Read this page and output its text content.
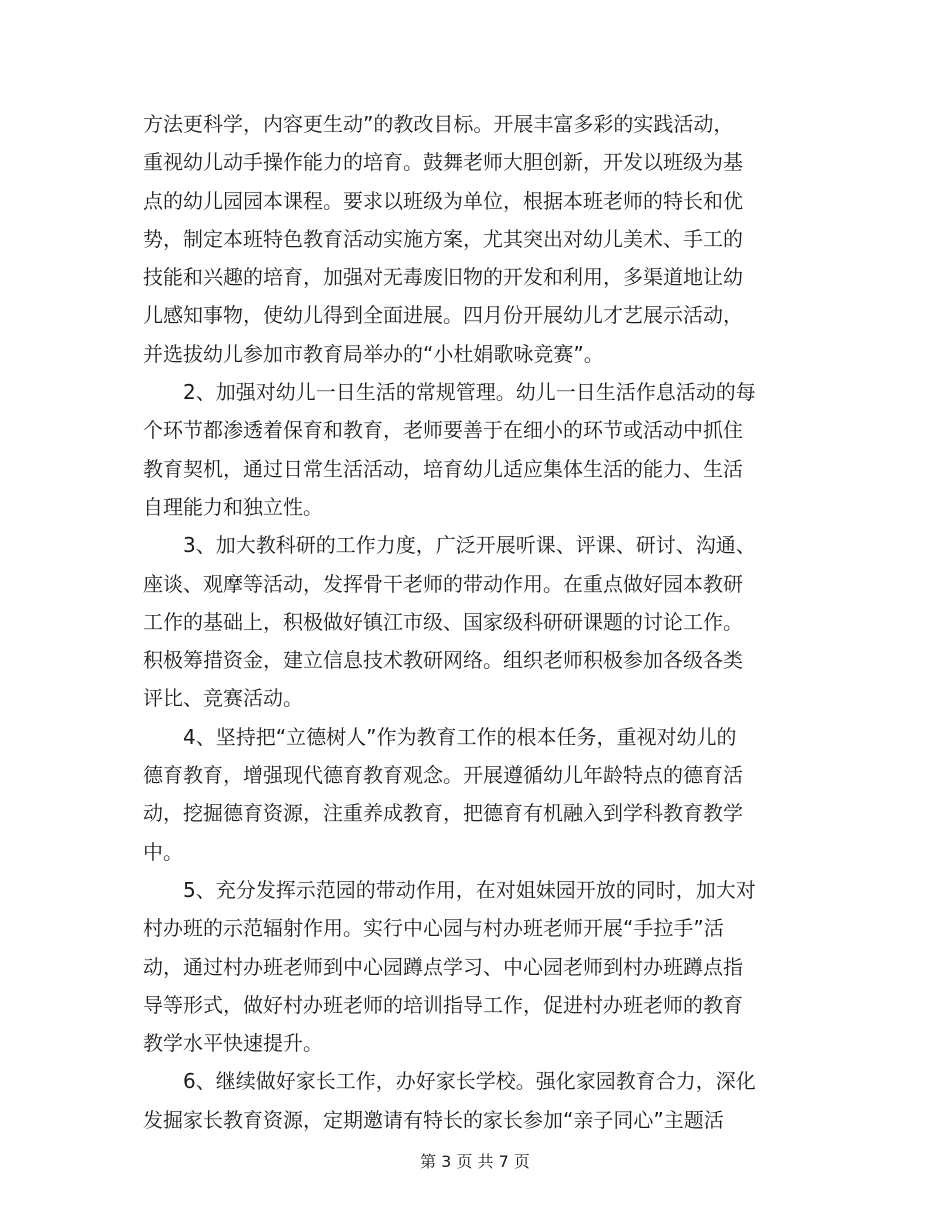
方法更科学，内容更生动”的教改目标。开展丰富多彩的实践活动，
重视幼儿动手操作能力的培育。鼓舞老师大胆创新，开发以班级为基
点的幼儿园园本课程。要求以班级为单位，根据本班老师的特长和优
势，制定本班特色教育活动实施方案，尤其突出对幼儿美术、手工的
技能和兴趣的培育，加强对无毒废旧物的开发和利用，多渠道地让幼
儿感知事物，使幼儿得到全面进展。四月份开展幼儿才艺展示活动，
并选拔幼儿参加市教育局举办的“小杜娟歌咏竞赛”。
2、加强对幼儿一日生活的常规管理。幼儿一日生活作息活动的每
个环节都渗透着保育和教育，老师要善于在细小的环节或活动中抓住
教育契机，通过日常生活活动，培育幼儿适应集体生活的能力、生活
自理能力和独立性。
3、加大教科研的工作力度，广泛开展听课、评课、研讨、沟通、
座谈、观摩等活动，发挥骨干老师的带动作用。在重点做好园本教研
工作的基础上，积极做好镇江市级、国家级科研研课题的讨论工作。
积极筹措资金，建立信息技术教研网络。组织老师积极参加各级各类
评比、竞赛活动。
4、坚持把“立德树人”作为教育工作的根本任务，重视对幼儿的
德育教育，增强现代德育教育观念。开展遵循幼儿年龄特点的德育活
动，挖掘德育资源，注重养成教育，把德育有机融入到学科教育教学
中。
5、充分发挥示范园的带动作用，在对姐妹园开放的同时，加大对
村办班的示范辐射作用。实行中心园与村办班老师开展“手拉手”活
动，通过村办班老师到中心园蹲点学习、中心园老师到村办班蹲点指
导等形式，做好村办班老师的培训指导工作，促进村办班老师的教育
教学水平快速提升。
6、继续做好家长工作，办好家长学校。强化家园教育合力，深化
发掘家长教育资源，定期邀请有特长的家长参加“亲子同心”主题活
第 3 页 共 7 页
